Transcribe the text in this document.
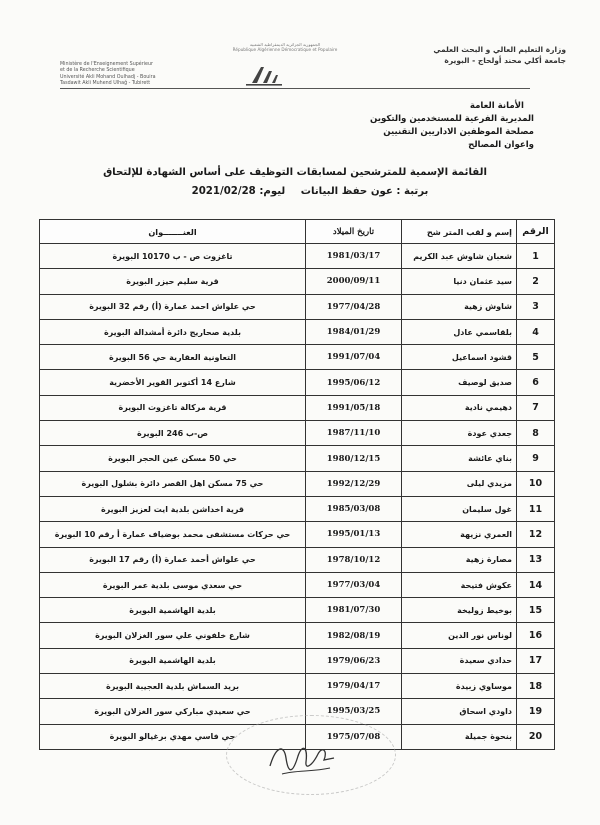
الجمهورية الجزائرية الديمقراطية الشعبية
République Algérienne Démocratique et Populaire
Ministère de l'Enseignement Supérieur
et de la Recherche Scientifique
Université Akli Mohand Oulhadj - Bouira
Tasdawit Akli Muhend Ulhağ - Tubirett
وزارة التعليم العالي و البحث العلمي
جامعة أكلي محند أولحاج - البويرة
الأمانة العامة
المديرية الفرعية للمستخدمين والتكوين
مصلحة الموظفين الاداريين التقنيين
واعوان المصالح
القائمة الإسمية للمترشحين لمسابقات التوظيف على أساس الشهادة للإلتحاق
برتبة : عون حفظ البيانات ليوم: 2021/02/28
الرقم	إسم و لقب المتر شح	تاريخ الميلاد	العنـــــــوان
1	شعبان شاوش عبد الكريم	1981/03/17	تاغزوت ص - ب 10170 البويرة
2	سيد عثمان دنيا	2000/09/11	قرية سليم حيزر البويرة
3	شاوش زهية	1977/04/28	حي علواش احمد عمارة (أ) رقم 32 البويرة
4	بلقاسمي عادل	1984/01/29	بلدية صحاريج دائرة أمشدالة البويرة
5	قشود اسماعيل	1991/07/04	التعاونية العقارية حي 56 البويرة
6	صديق لوصيف	1995/06/12	شارع 14 أكتوبر القوير الأخضرية
7	دهيمي نادية	1991/05/18	قرية مركالة تاغزوت البويرة
8	جعدي عودة	1987/11/10	ص-ب 246 البويرة
9	بناي عائشة	1980/12/15	حي 50 مسكن عين الحجر البويرة
10	مزيدي ليلى	1992/12/29	حي 75 مسكن اهل القصر دائرة بشلول البويرة
11	غول سليمان	1985/03/08	قرية اخداشن بلدية ايت لعزيز البويرة
12	العمري نزيهة	1995/01/13	حي حركات مستشفى محمد بوضياف عمارة أ رقم 10 البويرة
13	مصارة زهية	1978/10/12	حي علواش أحمد عمارة (أ) رقم 17 البويرة
14	عكوش فتيحة	1977/03/04	حي سعدي موسى بلدية عمر البويرة
15	بوخيط زوليخة	1981/07/30	بلدية الهاشمية البويرة
16	لوناس نور الدين	1982/08/19	شارع خلفوني علي سور الغزلان البويرة
17	حدادي سعيدة	1979/06/23	بلدية الهاشمية البويرة
18	موساوي زبيدة	1979/04/17	بريد السماش بلدية العجيبة البويرة
19	داودي اسحاق	1995/03/25	حي سعيدي مباركي سور الغزلان البويرة
20	بنحوة جميلة	1975/07/08	حي فاسي مهدي برغيالو البويرة
